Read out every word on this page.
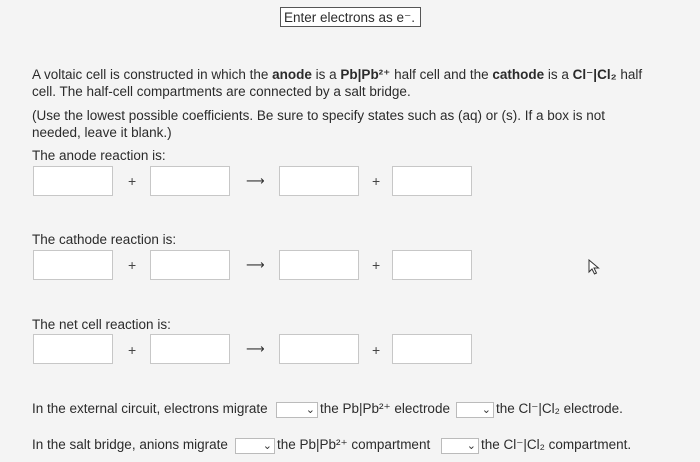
Enter electrons as e⁻.
A voltaic cell is constructed in which the anode is a Pb|Pb²⁺ half cell and the cathode is a Cl⁻|Cl₂ half cell. The half-cell compartments are connected by a salt bridge.
(Use the lowest possible coefficients. Be sure to specify states such as (aq) or (s). If a box is not needed, leave it blank.)
The anode reaction is:
+	⟶	+
The cathode reaction is:
+	⟶	+
The net cell reaction is:
+	⟶	+
In the external circuit, electrons migrate	⌄ the Pb|Pb²⁺ electrode	⌄ the Cl⁻|Cl₂ electrode.
In the salt bridge, anions migrate	⌄ the Pb|Pb²⁺ compartment	⌄ the Cl⁻|Cl₂ compartment.
